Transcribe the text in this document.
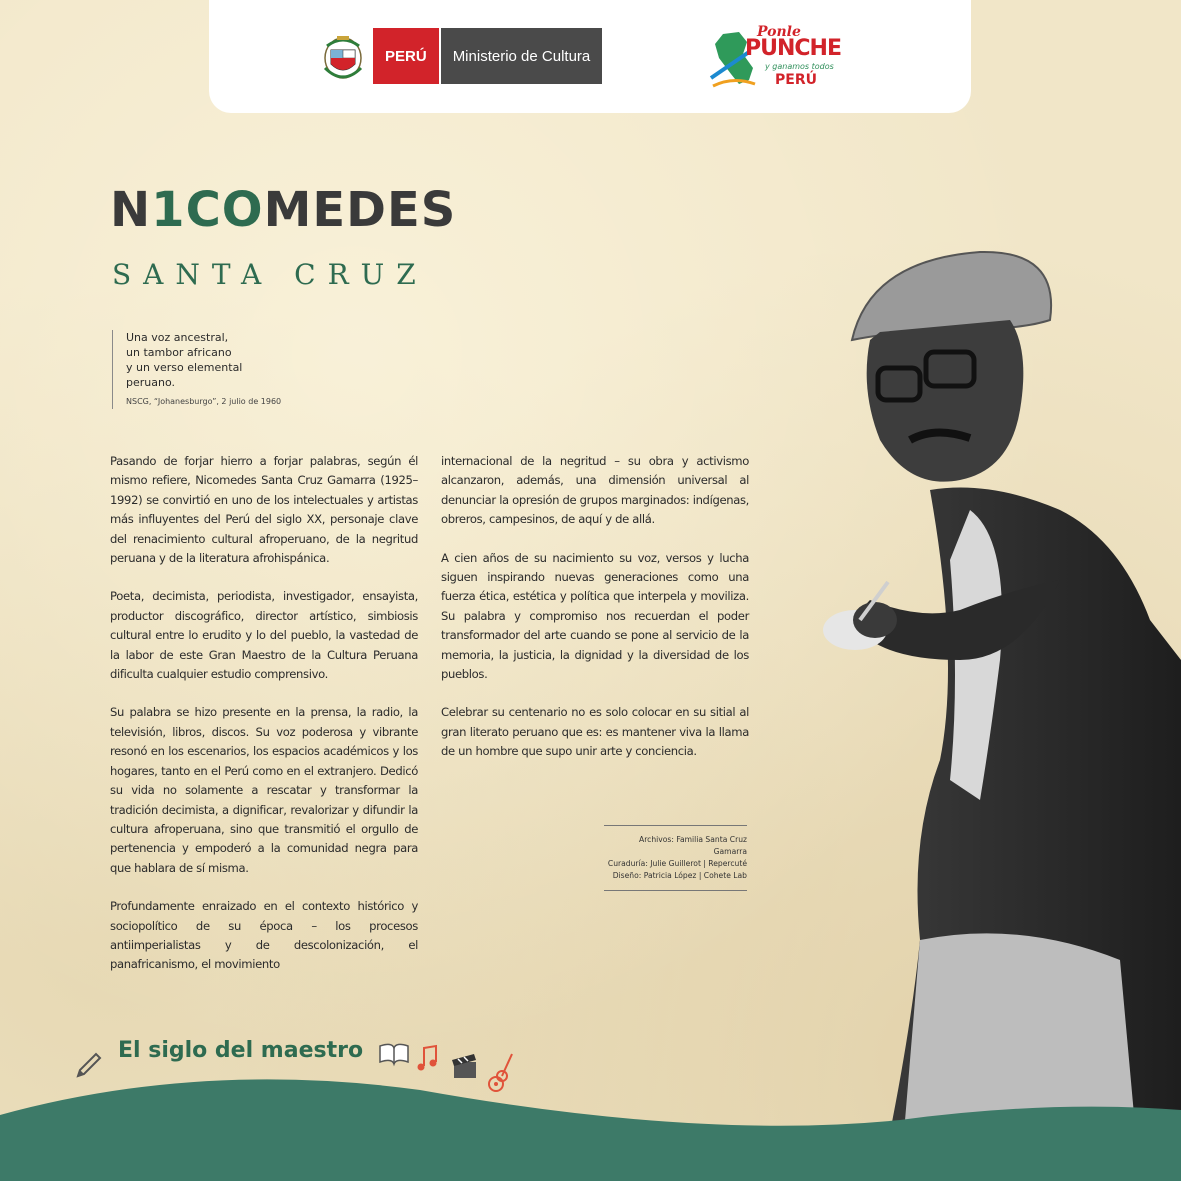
PERÚ	Ministerio de Cultura
Ponle
PUNCHE
y ganamos todos
PERÚ
N1COMEDES
SANTA CRUZ
Una voz ancestral,
un tambor africano
y un verso elemental
peruano.
NSCG, “Johanesburgo”, 2 julio de 1960

Pasando de forjar hierro a forjar palabras, según él mismo refiere, Nicomedes Santa Cruz Gamarra (1925–1992) se convirtió en uno de los intelectuales y artistas más influyentes del Perú del siglo XX, personaje clave del renacimiento cultural afroperuano, de la negritud peruana y de la literatura afrohispánica.

Poeta, decimista, periodista, investigador, ensayista, productor discográfico, director artístico, simbiosis cultural entre lo erudito y lo del pueblo, la vastedad de la labor de este Gran Maestro de la Cultura Peruana dificulta cualquier estudio comprensivo.

Su palabra se hizo presente en la prensa, la radio, la televisión, libros, discos. Su voz poderosa y vibrante resonó en los escenarios, los espacios académicos y los hogares, tanto en el Perú como en el extranjero. Dedicó su vida no solamente a rescatar y transformar la tradición decimista, a dignificar, revalorizar y difundir la cultura afroperuana, sino que transmitió el orgullo de pertenencia y empoderó a la comunidad negra para que hablara de sí misma.

Profundamente enraizado en el contexto histórico y sociopolítico de su época – los procesos antiimperialistas y de descolonización, el panafricanismo, el movimiento

internacional de la negritud – su obra y activismo alcanzaron, además, una dimensión universal al denunciar la opresión de grupos marginados: indígenas, obreros, campesinos, de aquí y de allá.

A cien años de su nacimiento su voz, versos y lucha siguen inspirando nuevas generaciones como una fuerza ética, estética y política que interpela y moviliza. Su palabra y compromiso nos recuerdan el poder transformador del arte cuando se pone al servicio de la memoria, la justicia, la dignidad y la diversidad de los pueblos.

Celebrar su centenario no es solo colocar en su sitial al gran literato peruano que es: es mantener viva la llama de un hombre que supo unir arte y conciencia.

Archivos: Familia Santa Cruz Gamarra
Curaduría: Julie Guillerot | Repercuté
Diseño: Patricia López | Cohete Lab
El siglo del maestro
